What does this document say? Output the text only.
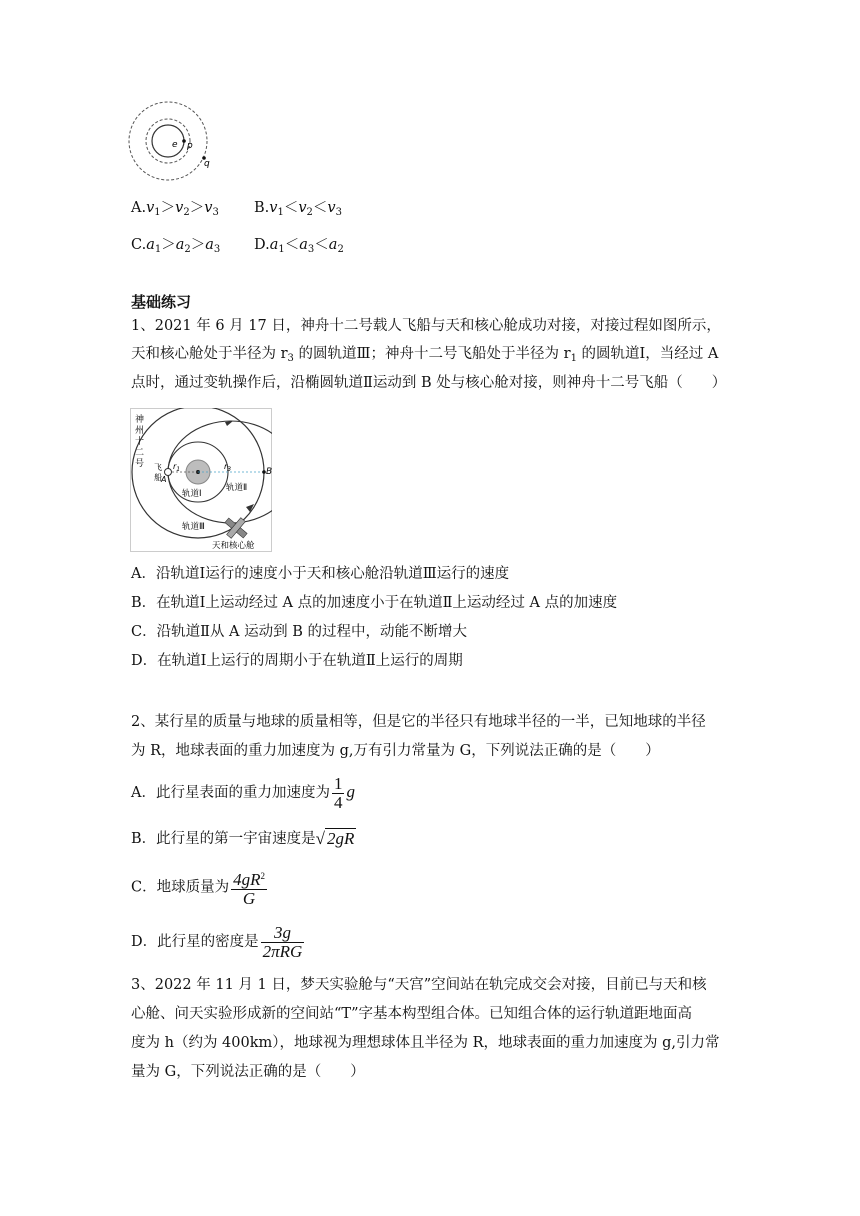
e p
q
$A.v_1>v_2>v_3$ $B.v_1<v_2<v_3$
$C.a_1>a_2>a_3$ $D.a_1<a_3<a_2$
基础练习
1、2021 年 6 月 17 日，神舟十二号载人飞船与天和核心舱成功对接，对接过程如图所示，
天和核心舱处于半径为 $r_3$ 的圆轨道Ⅲ；神舟十二号飞船处于半径为 $r_1$ 的圆轨道Ⅰ，当经过 A
点时，通过变轨操作后，沿椭圆轨道Ⅱ运动到 B 处与核心舱对接，则神舟十二号飞船（　　）
神
州
十
二
号 飞
船 A
B
$r_1$	$r_3$
轨道Ⅰ
轨道Ⅱ
轨道Ⅲ
天和核心舱
A．沿轨道Ⅰ运行的速度小于天和核心舱沿轨道Ⅲ运行的速度
B．在轨道Ⅰ上运动经过 A 点的加速度小于在轨道Ⅱ上运动经过 A 点的加速度
C．沿轨道Ⅱ从 A 运动到 B 的过程中，动能不断增大
D．在轨道Ⅰ上运行的周期小于在轨道Ⅱ上运行的周期
2、某行星的质量与地球的质量相等，但是它的半径只有地球半径的一半，已知地球的半径
为 R，地球表面的重力加速度为 g,万有引力常量为 G，下列说法正确的是（　　）
A．此行星表面的重力加速度为 $\frac{1}{4}$ g
B．此行星的第一宇宙速度是√ 2gR
C．地球质量为 $\frac{4gR^2}{G}$
D．此行星的密度是 $\frac{3g}{\text{2πRG}}$
3、2022 年 11 月 1 日，梦天实验舱与“天宫”空间站在轨完成交会对接，目前已与天和核
心舱、问天实验形成新的空间站“T”字基本构型组合体。已知组合体的运行轨道距地面高
度为 h（约为 400km），地球视为理想球体且半径为 R，地球表面的重力加速度为 g,引力常
量为 G，下列说法正确的是（　　）
